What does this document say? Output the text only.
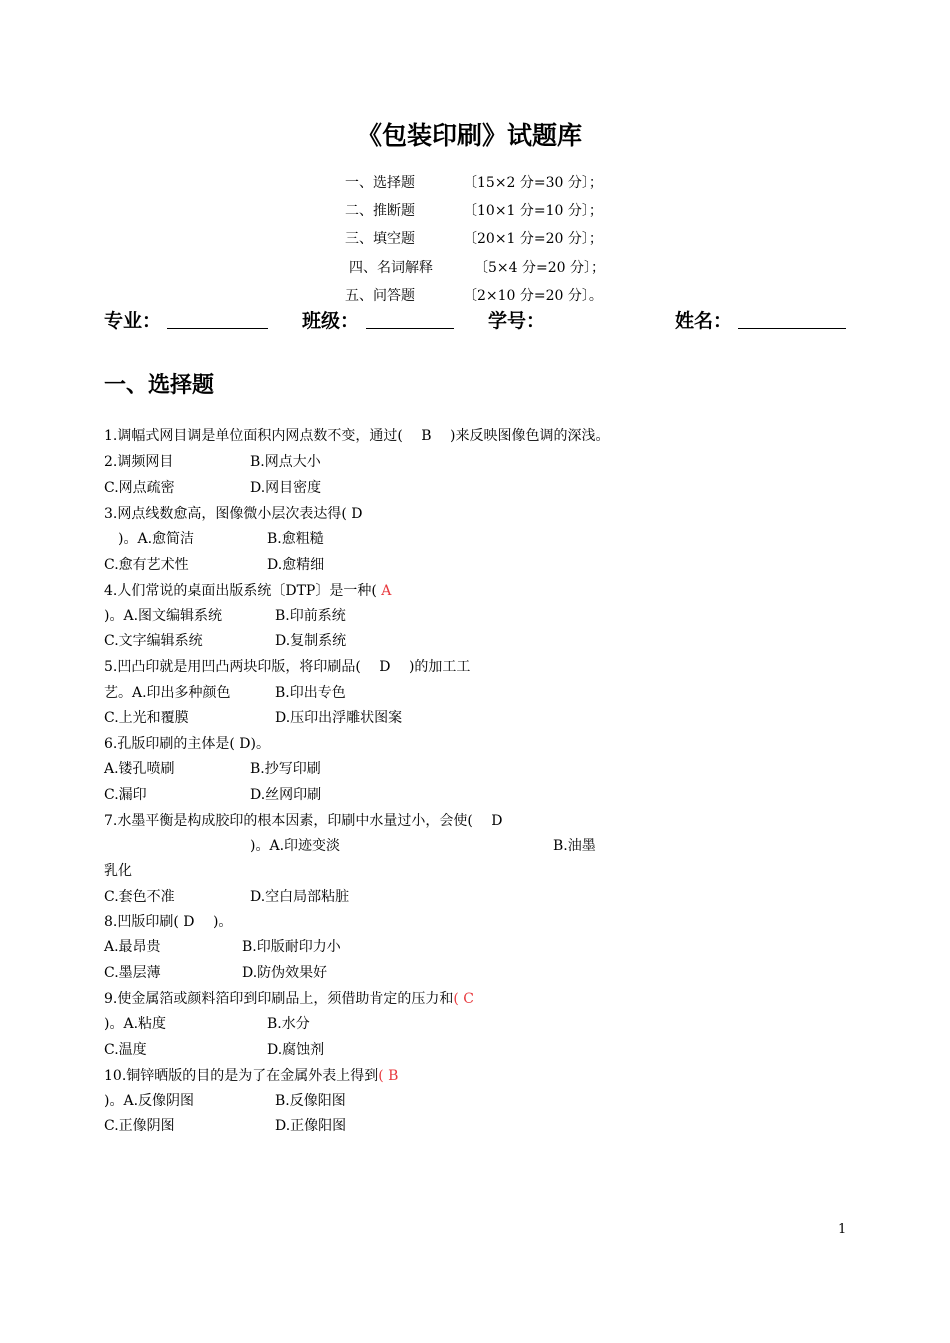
《包装印刷》试题库
一、选择题	〔15×2 分=30 分〕；
二、推断题	〔10×1 分=10 分〕；
三、填空题	〔20×1 分=20 分〕；
四、名词解释	〔5×4 分=20 分〕；
五、问答题	〔2×10 分=20 分〕。
专业：	班级：	学号：	姓名：
一、选择题
1.调幅式网目调是单位面积内网点数不变，通过(　 B　 )来反映图像色调的深浅。
2.调频网目	B.网点大小
C.网点疏密	D.网目密度
3.网点线数愈高，图像微小层次表达得( D
)。A.愈简洁	B.愈粗糙
C.愈有艺术性	D.愈精细
4.人们常说的桌面出版系统〔DTP〕是一种( A
)。A.图文编辑系统	B.印前系统
C.文字编辑系统	D.复制系统
5.凹凸印就是用凹凸两块印版，将印刷品(　 D　 )的加工工
艺。A.印出多种颜色	B.印出专色
C.上光和覆膜	D.压印出浮雕状图案
6.孔版印刷的主体是( D)。
A.镂孔喷刷	B.抄写印刷
C.漏印	D.丝网印刷
7.水墨平衡是构成胶印的根本因素，印刷中水量过小，会使(　 D
)。A.印迹变淡	B.油墨
乳化
C.套色不准	D.空白局部粘脏
8.凹版印刷( D　 )。
A.最昂贵	B.印版耐印力小
C.墨层薄	D.防伪效果好
9.使金属箔或颜料箔印到印刷品上，须借助肯定的压力和( C
)。A.粘度	B.水分
C.温度	D.腐蚀剂
10.铜锌晒版的目的是为了在金属外表上得到( B
)。A.反像阴图	B.反像阳图
C.正像阴图	D.正像阳图
1
